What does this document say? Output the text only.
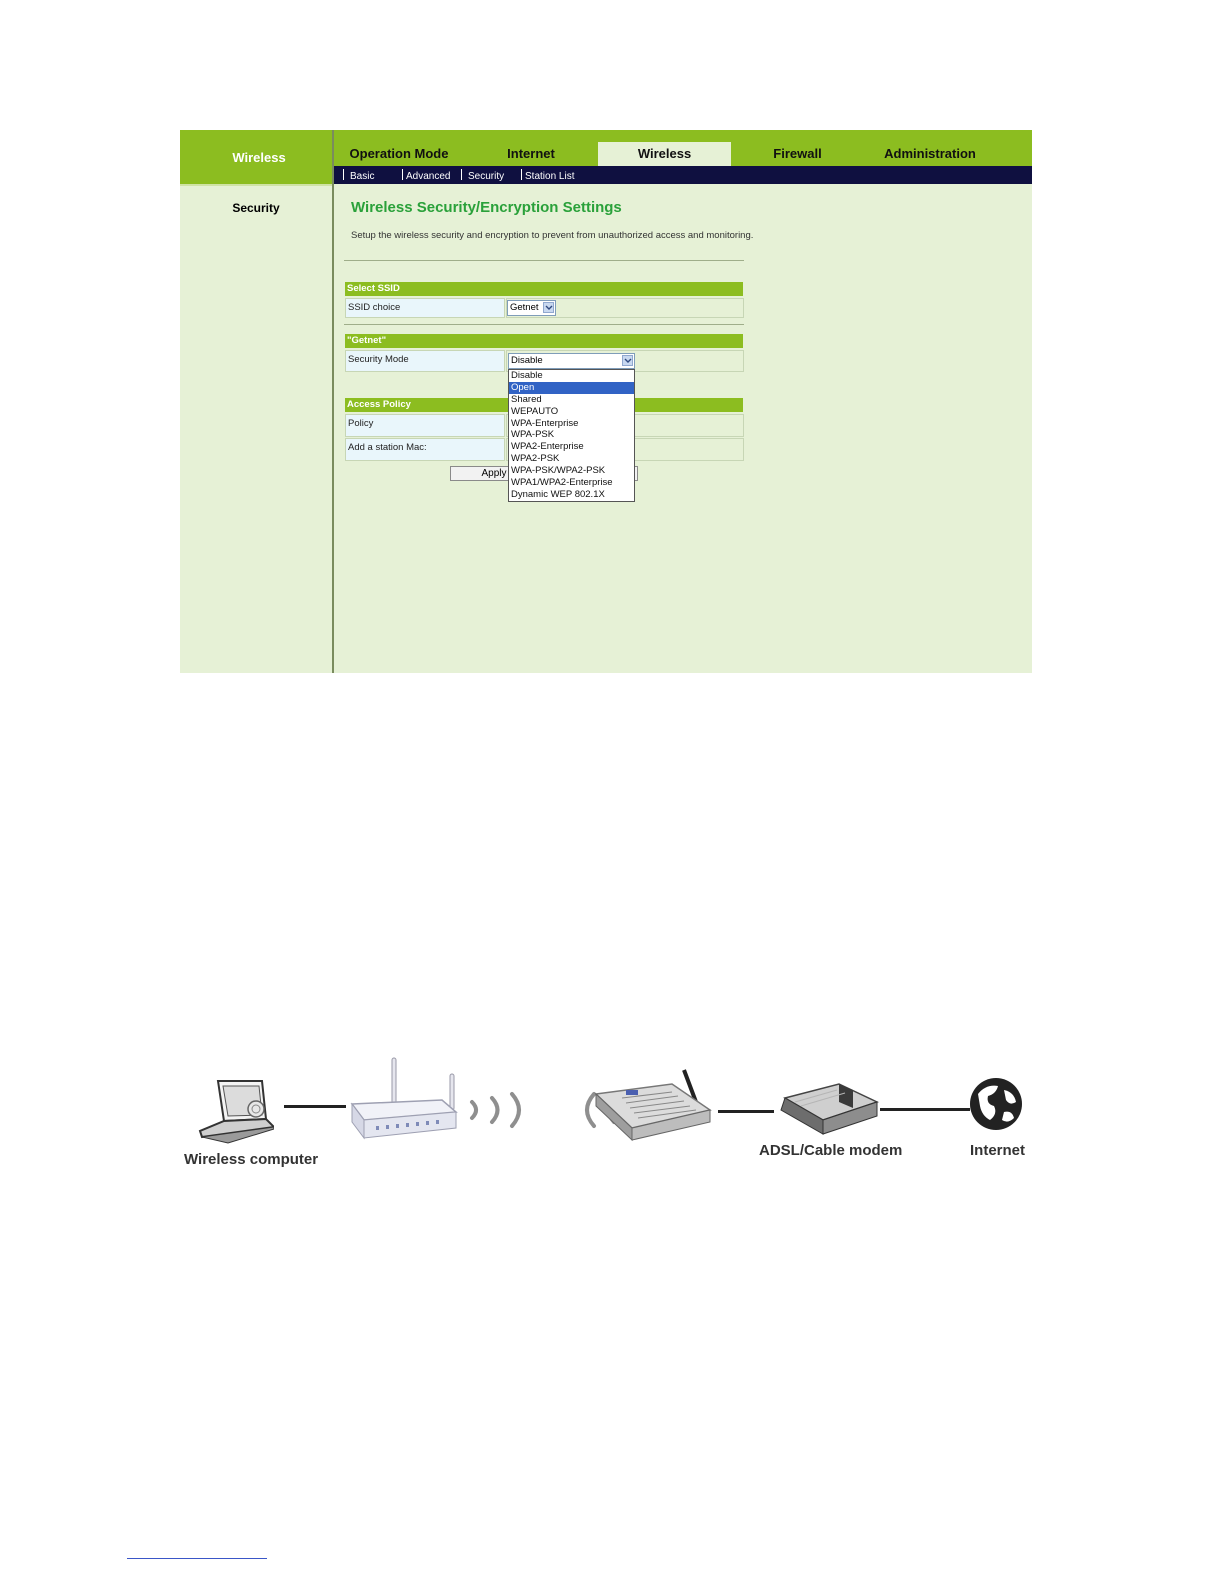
Wireless
Security
Operation Mode	Internet	Wireless	Firewall	Administration
Basic	Advanced	Security	Station List
Wireless Security/Encryption Settings
Setup the wireless security and encryption to prevent from unauthorized access and monitoring.
Select SSID
SSID choice	Getnet
"Getnet"
Security Mode	Disable
Access Policy
Policy
Add a station Mac:
Apply
Disable
Open
Shared
WEPAUTO
WPA-Enterprise
WPA-PSK
WPA2-Enterprise
WPA2-PSK
WPA-PSK/WPA2-PSK
WPA1/WPA2-Enterprise
Dynamic WEP 802.1X
Wireless computer
ADSL/Cable modem	Internet
